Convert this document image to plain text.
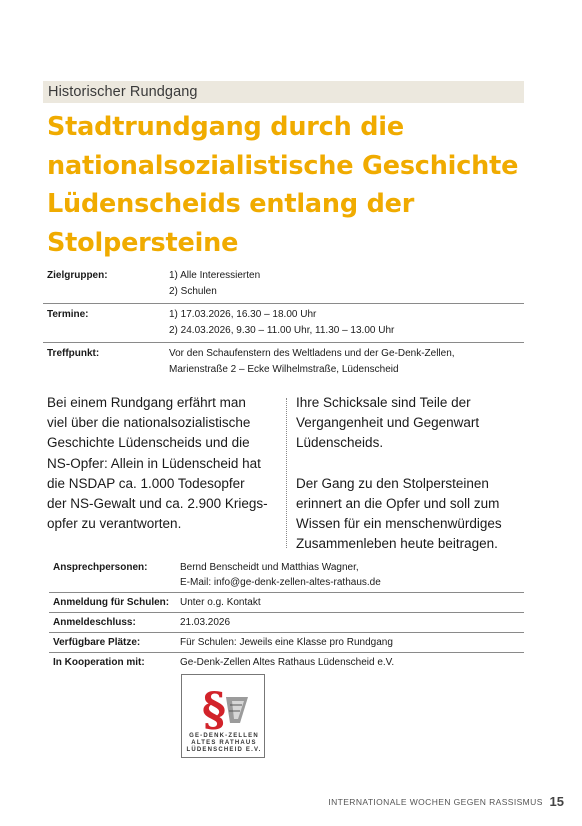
Historischer Rundgang
Stadtrundgang durch die
nationalsozialistische Geschichte
Lüdenscheids entlang der
Stolpersteine
Zielgruppen:	1) Alle Interessierten
2) Schulen
Termine:	1) 17.03.2026, 16.30 – 18.00 Uhr
2) 24.03.2026, 9.30 – 11.00 Uhr, 11.30 – 13.00 Uhr
Treffpunkt:	Vor den Schaufenstern des Weltladens und der Ge-Denk-Zellen,
Marienstraße 2 – Ecke Wilhelmstraße, Lüdenscheid
Bei einem Rundgang erfährt man
viel über die nationalsozialistische
Geschichte Lüdenscheids und die
NS-Opfer: Allein in Lüdenscheid hat
die NSDAP ca. 1.000 Todesopfer
der NS-Gewalt und ca. 2.900 Kriegs-
opfer zu verantworten.
Ihre Schicksale sind Teile der
Vergangenheit und Gegenwart
Lüdenscheids.
Der Gang zu den Stolpersteinen
erinnert an die Opfer und soll zum
Wissen für ein menschenwürdiges
Zusammenleben heute beitragen.
Ansprechpersonen:	Bernd Benscheidt und Matthias Wagner,
E-Mail: info@ge-denk-zellen-altes-rathaus.de
Anmeldung für Schulen:	Unter o.g. Kontakt
Anmeldeschluss:	21.03.2026
Verfügbare Plätze:	Für Schulen: Jeweils eine Klasse pro Rundgang
In Kooperation mit:	Ge-Denk-Zellen Altes Rathaus Lüdenscheid e.V.
§
GE-DENK-ZELLEN
ALTES RATHAUS
LÜDENSCHEID E.V.
INTERNATIONALE WOCHEN GEGEN RASSISMUS 15
